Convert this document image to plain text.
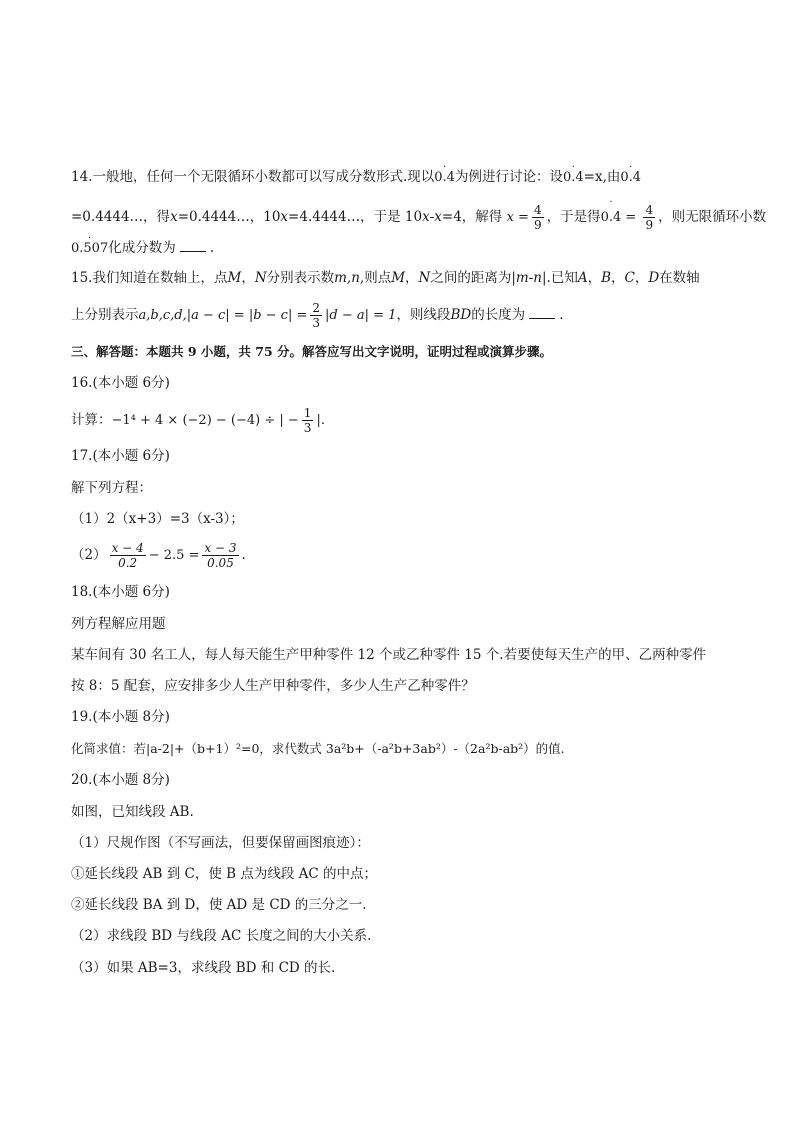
14.一般地，任何一个无限循环小数都可以写成分数形式.现以0.4
·
为例进行讨论：设0.4
·
=x,由0.4
·
=0.4444…，得x=0.4444…，10x=4.4444…，于是 10x-x=4，解得 $x = \frac{4}{9}$ ，于是得0.4
·
= $\frac{4}{9}$ ，则无限循环小数
0.507
·
化成分数为	.
15.我们知道在数轴上，点M，N分别表示数m,n,则点M，N之间的距离为|m-n|.已知A，B，C，D在数轴
上分别表示$a,b,c,d,|a - c| = |b - c| = \frac{2}{3} |d - a| = 1$，则线段BD的长度为	.
三、解答题：本题共 9 小题，共 75 分。解答应写出文字说明，证明过程或演算步骤。
16.(本小题 6分)
计算：−1⁴ + 4 × (−2) − (−4) ÷ | − $\frac{1}{3}$ |.
17.(本小题 6分)
解下列方程：
（1）2（x+3）=3（x-3）；
$(2) \frac{x - 4}{0.2} - 2.5 = \frac{x - 3}{0.05}$ .
18.(本小题 6分)
列方程解应用题
某车间有 30 名工人，每人每天能生产甲种零件 12 个或乙种零件 15 个.若要使每天生产的甲、乙两种零件
按 8：5 配套，应安排多少人生产甲种零件，多少人生产乙种零件？
19.(本小题 8分)
化简求值：若|a-2|+（b+1）²=0，求代数式 3a²b+（-a²b+3ab²）-（2a²b-ab²）的值.
20.(本小题 8分)
如图，已知线段 AB.
（1）尺规作图（不写画法，但要保留画图痕迹）：
①延长线段 AB 到 C，使 B 点为线段 AC 的中点；
②延长线段 BA 到 D，使 AD 是 CD 的三分之一.
（2）求线段 BD 与线段 AC 长度之间的大小关系.
（3）如果 AB=3，求线段 BD 和 CD 的长.
